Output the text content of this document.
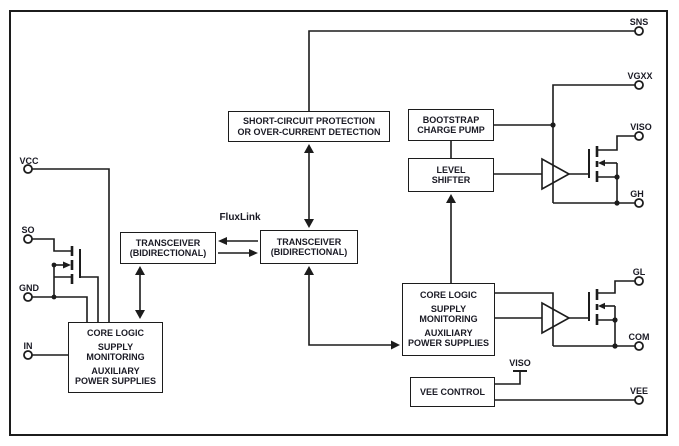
SHORT-CIRCUIT PROTECTION
OR OVER-CURRENT DETECTION
TRANSCEIVER
(BIDIRECTIONAL)
TRANSCEIVER
(BIDIRECTIONAL)
CORE LOGIC
SUPPLY
MONITORING
AUXILIARY
POWER SUPPLIES
CORE LOGIC
SUPPLY
MONITORING
AUXILIARY
POWER SUPPLIES
BOOTSTRAP
CHARGE PUMP
LEVEL
SHIFTER
VEE CONTROL
VCC
SO
GND
IN
SNS
VGXX
VISO
GH
GL
COM
VEE
VISO
FluxLink
